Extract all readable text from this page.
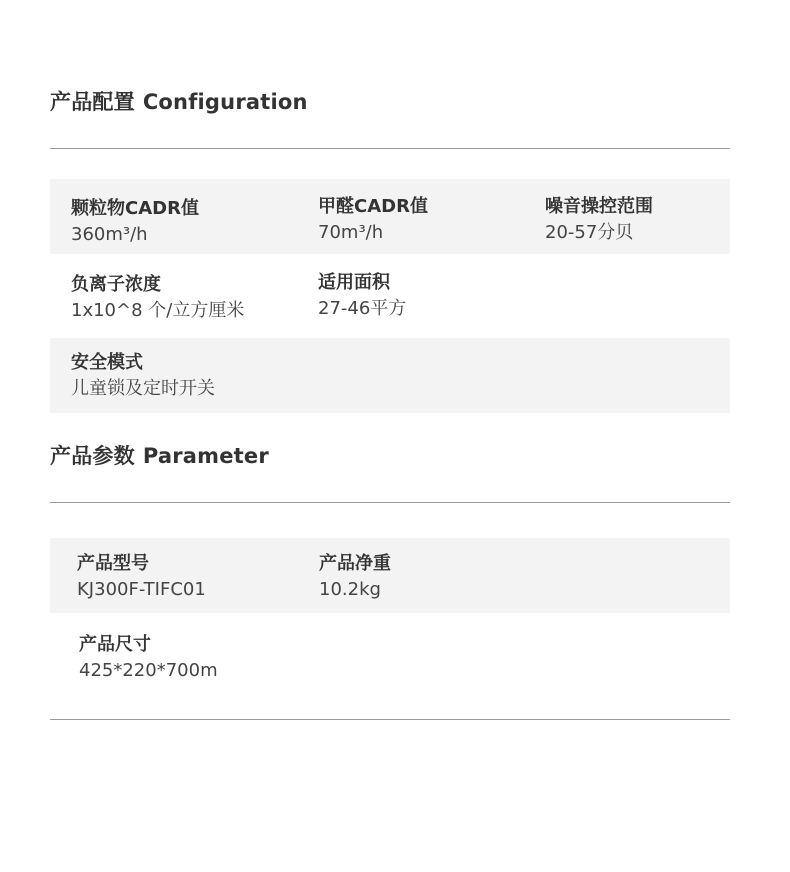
产品配置 Configuration
颗粒物CADR值
360m³/h
甲醛CADR值
70m³/h
噪音操控范围
20-57分贝
负离子浓度
1x10^8 个/立方厘米
适用面积
27-46平方
安全模式
儿童锁及定时开关
产品参数 Parameter
产品型号
KJ300F-TIFC01
产品净重
10.2kg
产品尺寸
425*220*700m
